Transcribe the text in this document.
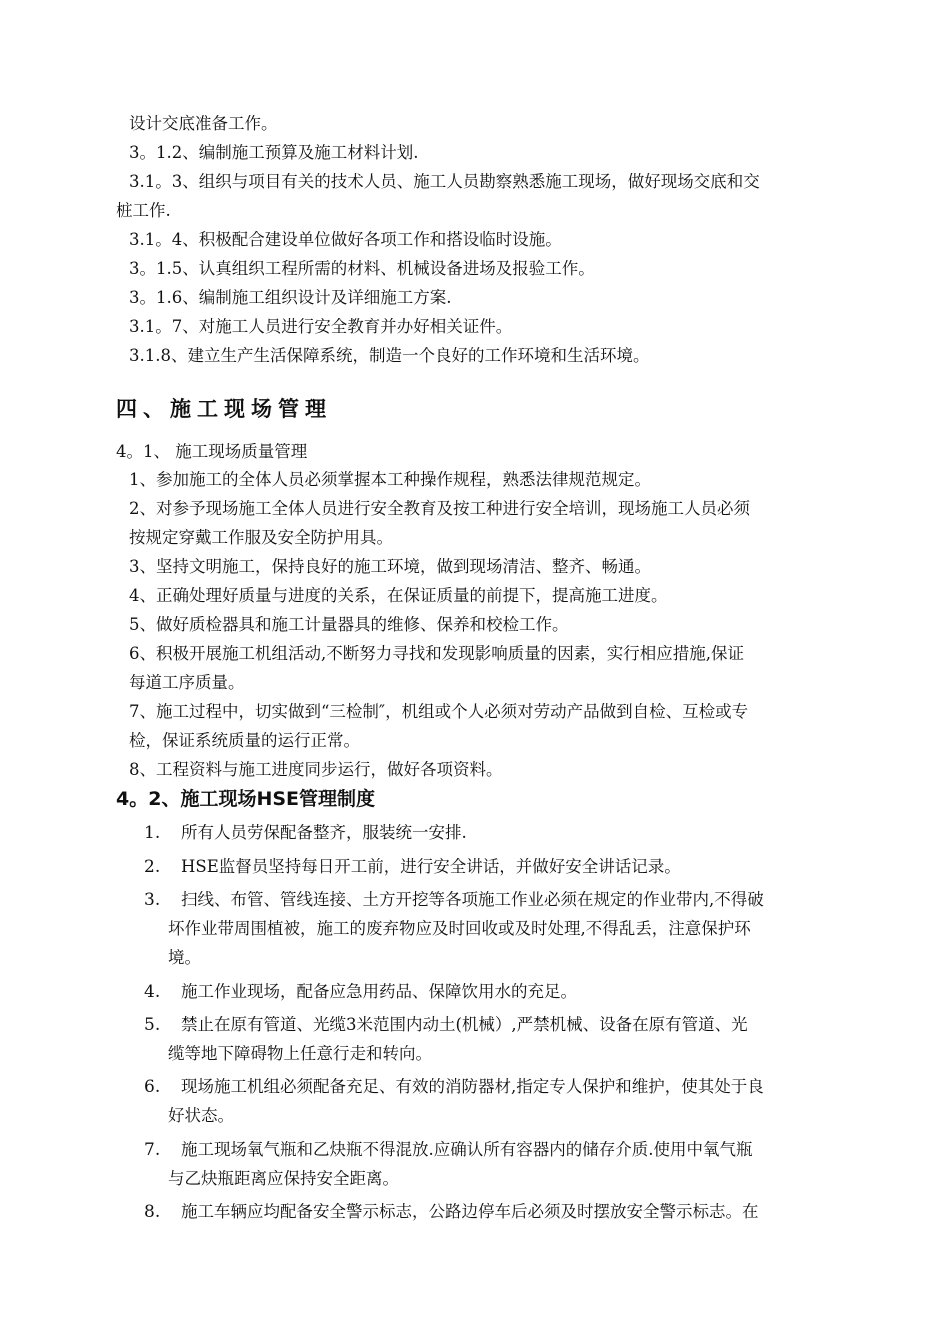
设计交底准备工作。
3。1.2、编制施工预算及施工材料计划.
3.1。3、组织与项目有关的技术人员、施工人员勘察熟悉施工现场，做好现场交底和交
桩工作.
3.1。4、积极配合建设单位做好各项工作和搭设临时设施。
3。1.5、认真组织工程所需的材料、机械设备进场及报验工作。
3。1.6、编制施工组织设计及详细施工方案.
3.1。7、对施工人员进行安全教育并办好相关证件。
3.1.8、建立生产生活保障系统，制造一个良好的工作环境和生活环境。
四、施工现场管理
4。1、 施工现场质量管理
1、参加施工的全体人员必须掌握本工种操作规程，熟悉法律规范规定。
2、对参予现场施工全体人员进行安全教育及按工种进行安全培训，现场施工人员必须
按规定穿戴工作服及安全防护用具。
3、坚持文明施工，保持良好的施工环境，做到现场清洁、整齐、畅通。
4、正确处理好质量与进度的关系，在保证质量的前提下，提高施工进度。
5、做好质检器具和施工计量器具的维修、保养和校检工作。
6、积极开展施工机组活动,不断努力寻找和发现影响质量的因素，实行相应措施,保证
每道工序质量。
7、施工过程中，切实做到“三检制″，机组或个人必须对劳动产品做到自检、互检或专
检，保证系统质量的运行正常。
8、工程资料与施工进度同步运行，做好各项资料。
4。2、施工现场HSE管理制度
1. 所有人员劳保配备整齐，服装统一安排.
2. HSE监督员坚持每日开工前，进行安全讲话，并做好安全讲话记录。
3. 扫线、布管、管线连接、土方开挖等各项施工作业必须在规定的作业带内,不得破
坏作业带周围植被，施工的废弃物应及时回收或及时处理,不得乱丢，注意保护环
境。
4. 施工作业现场，配备应急用药品、保障饮用水的充足。
5. 禁止在原有管道、光缆3米范围内动土(机械）,严禁机械、设备在原有管道、光
缆等地下障碍物上任意行走和转向。
6. 现场施工机组必须配备充足、有效的消防器材,指定专人保护和维护，使其处于良
好状态。
7. 施工现场氧气瓶和乙炔瓶不得混放.应确认所有容器内的储存介质.使用中氧气瓶
与乙炔瓶距离应保持安全距离。
8. 施工车辆应均配备安全警示标志，公路边停车后必须及时摆放安全警示标志。在
